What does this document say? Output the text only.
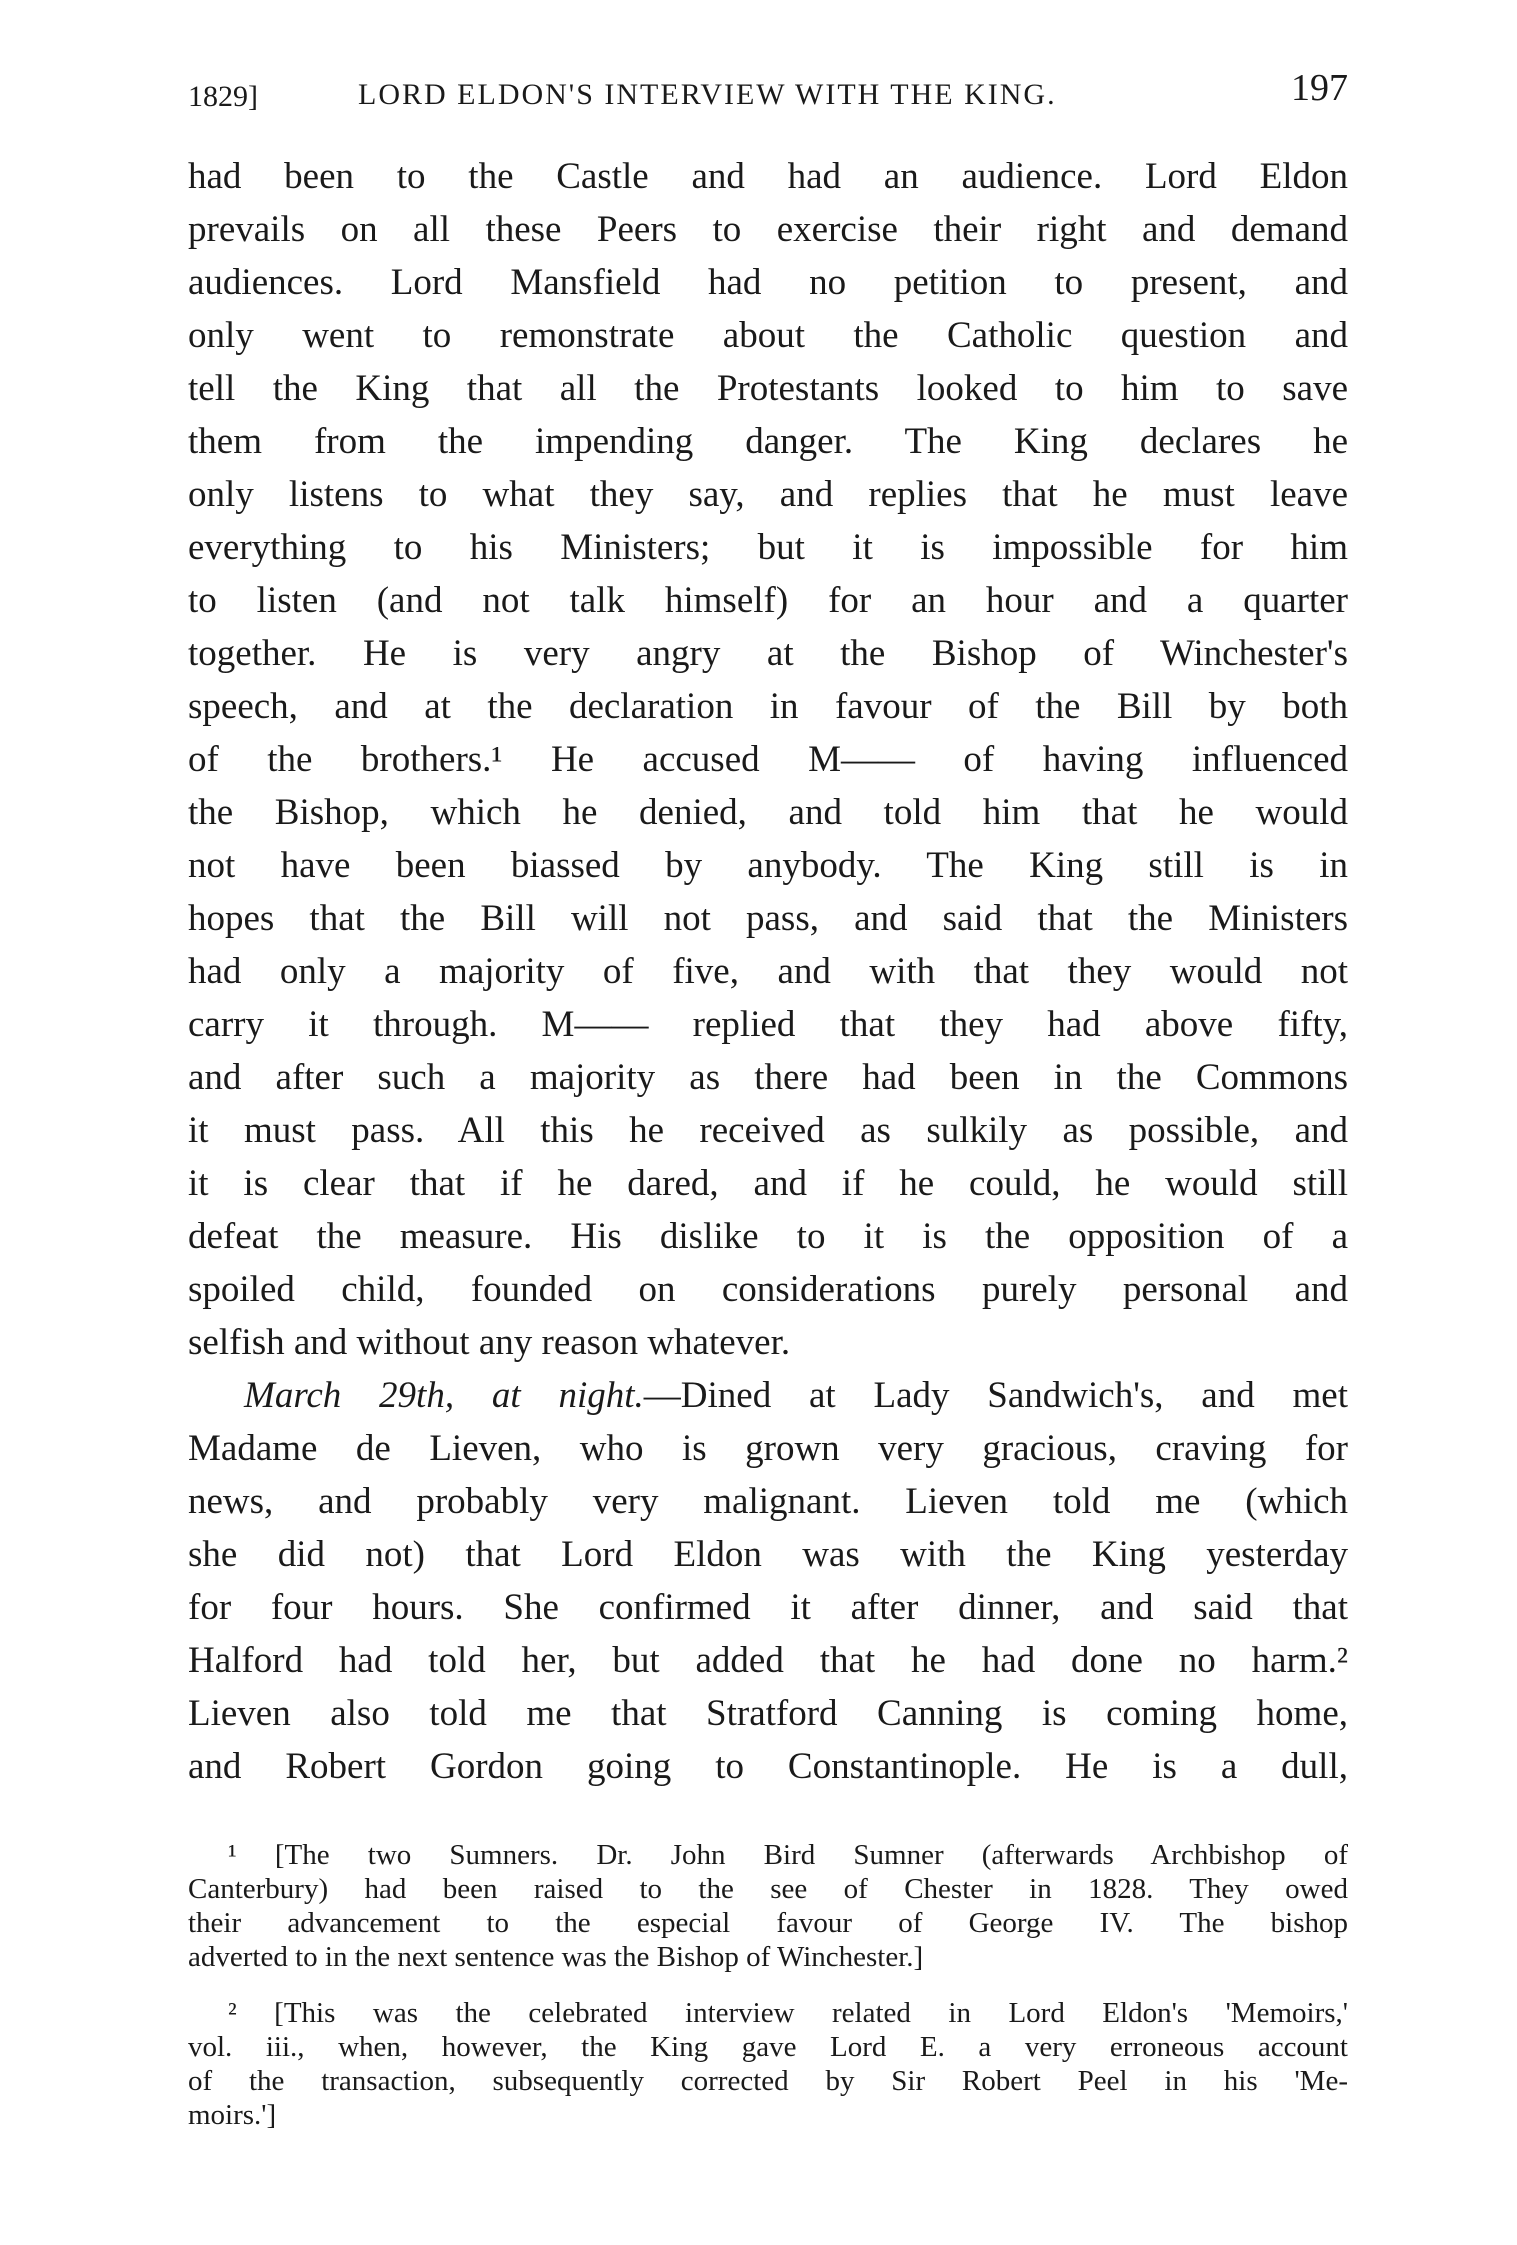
1829]	LORD ELDON'S INTERVIEW WITH THE KING.	197
had been to the Castle and had an audience. Lord Eldon
prevails on all these Peers to exercise their right and demand
audiences. Lord Mansfield had no petition to present, and
only went to remonstrate about the Catholic question and
tell the King that all the Protestants looked to him to save
them from the impending danger. The King declares he
only listens to what they say, and replies that he must leave
everything to his Ministers; but it is impossible for him
to listen (and not talk himself) for an hour and a quarter
together. He is very angry at the Bishop of Winchester's
speech, and at the declaration in favour of the Bill by both
of the brothers.¹ He accused M—— of having influenced
the Bishop, which he denied, and told him that he would
not have been biassed by anybody. The King still is in
hopes that the Bill will not pass, and said that the Ministers
had only a majority of five, and with that they would not
carry it through. M—— replied that they had above fifty,
and after such a majority as there had been in the Commons
it must pass. All this he received as sulkily as possible, and
it is clear that if he dared, and if he could, he would still
defeat the measure. His dislike to it is the opposition of a
spoiled child, founded on considerations purely personal and
selfish and without any reason whatever.
March 29th, at night.—Dined at Lady Sandwich's, and met
Madame de Lieven, who is grown very gracious, craving for
news, and probably very malignant. Lieven told me (which
she did not) that Lord Eldon was with the King yesterday
for four hours. She confirmed it after dinner, and said that
Halford had told her, but added that he had done no harm.²
Lieven also told me that Stratford Canning is coming home,
and Robert Gordon going to Constantinople. He is a dull,
¹ [The two Sumners. Dr. John Bird Sumner (afterwards Archbishop of
Canterbury) had been raised to the see of Chester in 1828. They owed
their advancement to the especial favour of George IV. The bishop
adverted to in the next sentence was the Bishop of Winchester.]
² [This was the celebrated interview related in Lord Eldon's 'Memoirs,'
vol. iii., when, however, the King gave Lord E. a very erroneous account
of the transaction, subsequently corrected by Sir Robert Peel in his 'Me-
moirs.']
